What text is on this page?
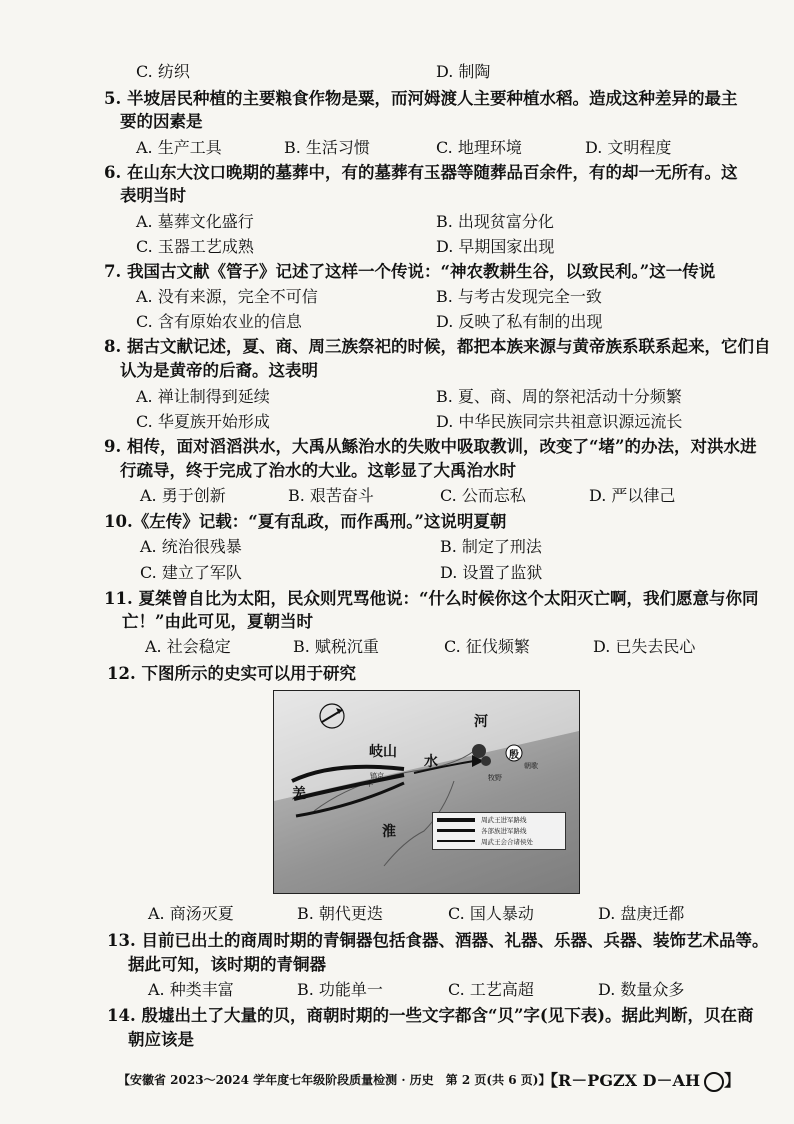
C. 纺织	D. 制陶
5. 半坡居民种植的主要粮食作物是粟，而河姆渡人主要种植水稻。造成这种差异的最主
要的因素是
A. 生产工具	B. 生活习惯	C. 地理环境	D. 文明程度
6. 在山东大汶口晚期的墓葬中，有的墓葬有玉器等随葬品百余件，有的却一无所有。这
表明当时
A. 墓葬文化盛行	B. 出现贫富分化
C. 玉器工艺成熟	D. 早期国家出现
7. 我国古文献《管子》记述了这样一个传说：“神农教耕生谷，以致民利。”这一传说
A. 没有来源，完全不可信	B. 与考古发现完全一致
C. 含有原始农业的信息	D. 反映了私有制的出现
8. 据古文献记述，夏、商、周三族祭祀的时候，都把本族来源与黄帝族系联系起来，它们自
认为是黄帝的后裔。这表明
A. 禅让制得到延续	B. 夏、商、周的祭祀活动十分频繁
C. 华夏族开始形成	D. 中华民族同宗共祖意识源远流长
9. 相传，面对滔滔洪水，大禹从鲧治水的失败中吸取教训，改变了“堵”的办法，对洪水进
行疏导，终于完成了治水的大业。这彰显了大禹治水时
A. 勇于创新	B. 艰苦奋斗	C. 公而忘私	D. 严以律己
10.《左传》记载：“夏有乱政，而作禹刑。”这说明夏朝
A. 统治很残暴	B. 制定了刑法
C. 建立了军队	D. 设置了监狱
11. 夏桀曾自比为太阳，民众则咒骂他说：“什么时候你这个太阳灭亡啊，我们愿意与你同
亡！”由此可见，夏朝当时
A. 社会稳定	B. 赋税沉重	C. 征伐频繁	D. 已失去民心
12. 下图所示的史实可以用于研究
岐山
水
河
羌
淮
殷
镐京
丰
牧野
朝歌
周武王进军路线
各部族进军路线
周武王会合诸侯处
A. 商汤灭夏	B. 朝代更迭	C. 国人暴动	D. 盘庚迁都
13. 目前已出土的商周时期的青铜器包括食器、酒器、礼器、乐器、兵器、装饰艺术品等。
据此可知，该时期的青铜器
A. 种类丰富	B. 功能单一	C. 工艺高超	D. 数量众多
14. 殷墟出土了大量的贝，商朝时期的一些文字都含“贝”字(见下表)。据此判断，贝在商
朝应该是
【安徽省 2023～2024 学年度七年级阶段质量检测 · 历史　第 2 页(共 6 页)】
【R－PGZX D－AH 】
